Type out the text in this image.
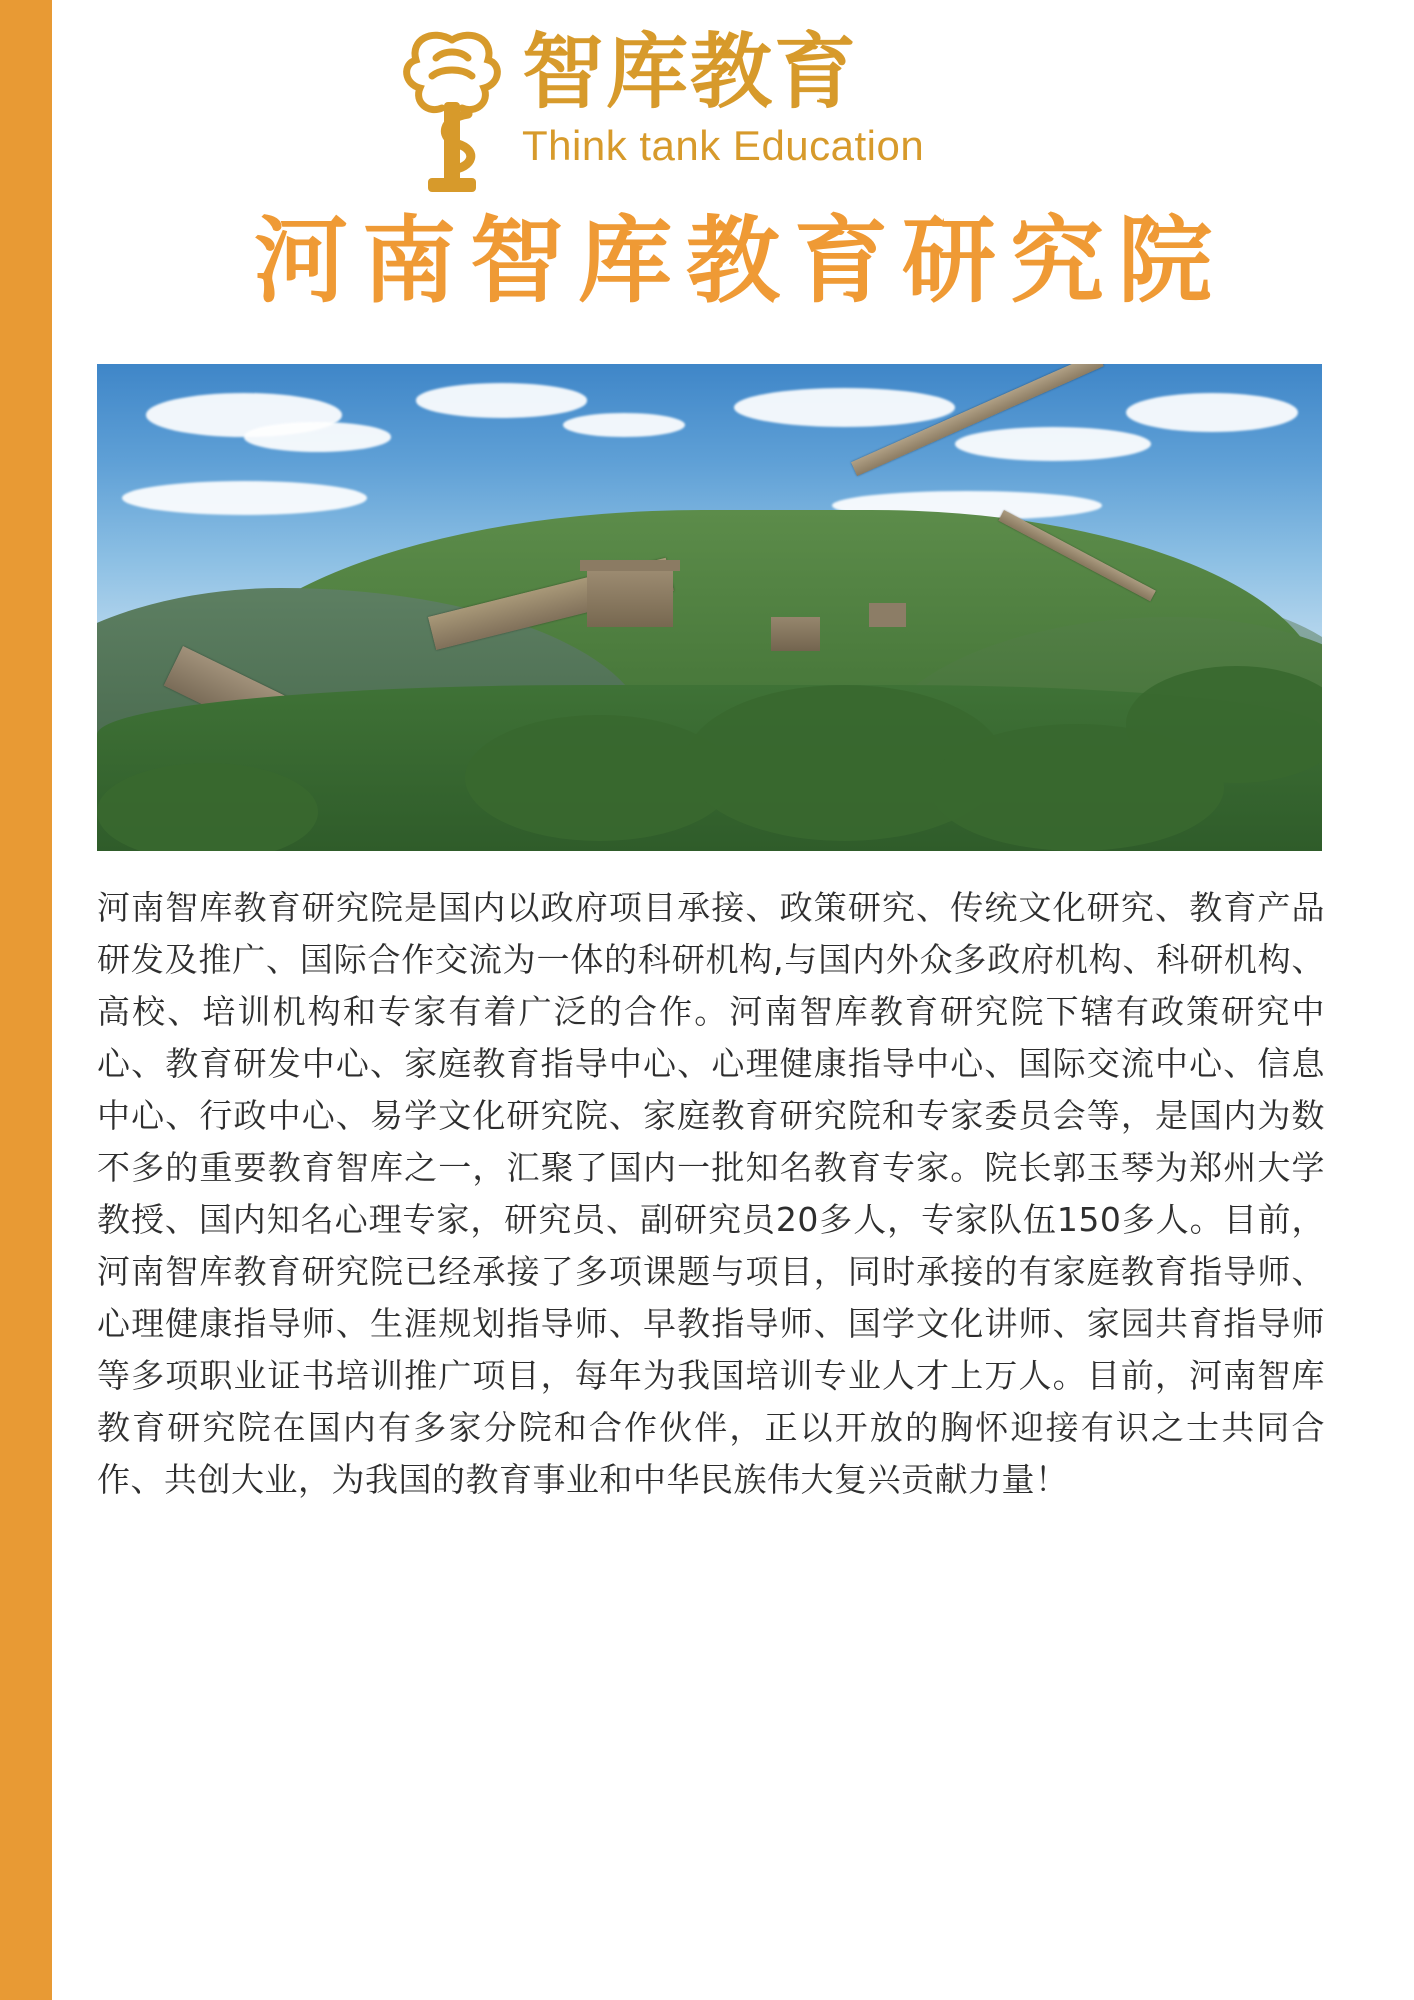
智库教育
Think tank Education
河南智库教育研究院
河南智库教育研究院是国内以政府项目承接、政策研究、传统文化研究、教育产品研发及推广、国际合作交流为一体的科研机构,与国内外众多政府机构、科研机构、高校、培训机构和专家有着广泛的合作。河南智库教育研究院下辖有政策研究中心、教育研发中心、家庭教育指导中心、心理健康指导中心、国际交流中心、信息中心、行政中心、易学文化研究院、家庭教育研究院和专家委员会等，是国内为数不多的重要教育智库之一，汇聚了国内一批知名教育专家。院长郭玉琴为郑州大学教授、国内知名心理专家，研究员、副研究员20多人，专家队伍150多人。目前，河南智库教育研究院已经承接了多项课题与项目，同时承接的有家庭教育指导师、心理健康指导师、生涯规划指导师、早教指导师、国学文化讲师、家园共育指导师等多项职业证书培训推广项目，每年为我国培训专业人才上万人。目前，河南智库教育研究院在国内有多家分院和合作伙伴，正以开放的胸怀迎接有识之士共同合作、共创大业，为我国的教育事业和中华民族伟大复兴贡献力量！
